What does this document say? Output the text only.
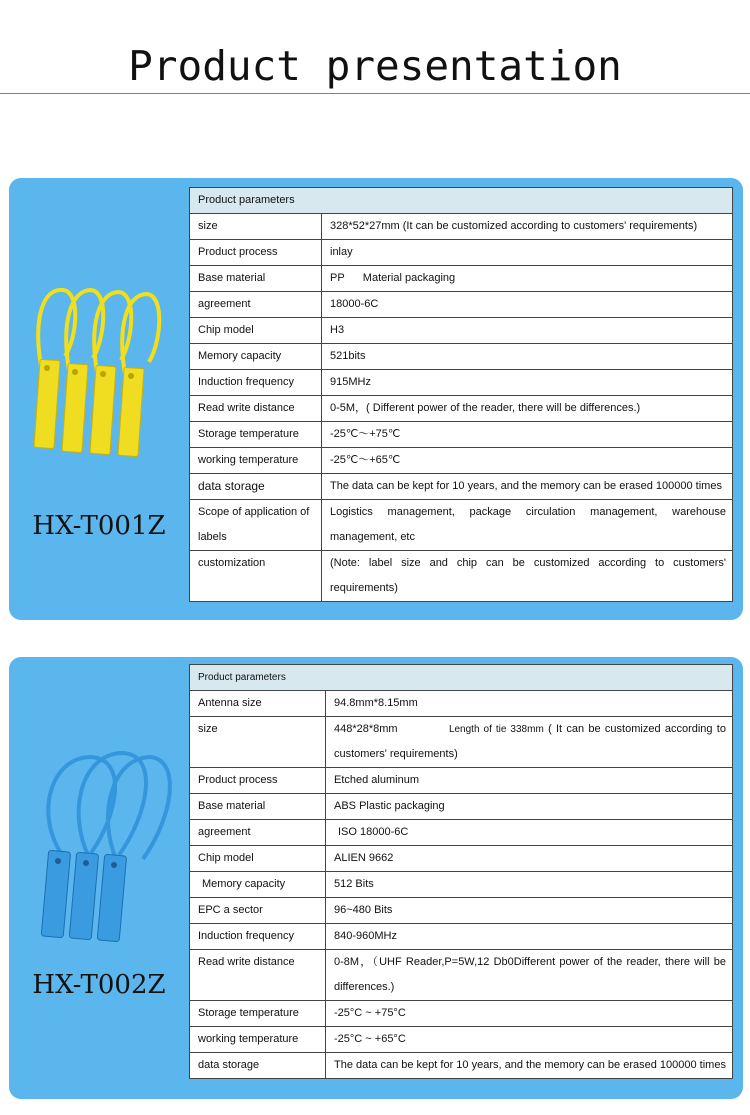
Product presentation
HX-T001Z
Product parameters	
size	328*52*27mm (It can be customized according to customers' requirements)
Product process	inlay
Base material	PP      Material packaging
agreement	18000-6C
Chip model	H3
Memory capacity	521bits
Induction frequency	915MHz
Read write distance	0-5M，( Different power of the reader, there will be differences.)
Storage temperature	-25℃～+75℃
working temperature	-25℃～+65℃
data storage	The data can be kept for 10 years, and the memory can be erased 100000 times
Scope of application of labels	Logistics management, package circulation management, warehouse management, etc
customization	(Note: label size and chip can be customized according to customers' requirements)
HX-T002Z
Product parameters	
Antenna size	94.8mm*8.15mm
size	448*28*8mm Length of tie 338mm ( It can be customized according to customers' requirements)
Product process	Etched aluminum
Base material	ABS Plastic packaging
agreement	ISO 18000-6C
Chip model	ALIEN 9662
Memory capacity	512 Bits
EPC a sector	96~480 Bits
Induction frequency	840-960MHz
Read write distance	0-8M，（UHF Reader,P=5W,12 Db0Different power of the reader, there will be differences.)
Storage temperature	-25°C ~ +75°C
working temperature	-25°C ~ +65°C
data storage	The data can be kept for 10 years, and the memory can be erased 100000 times
